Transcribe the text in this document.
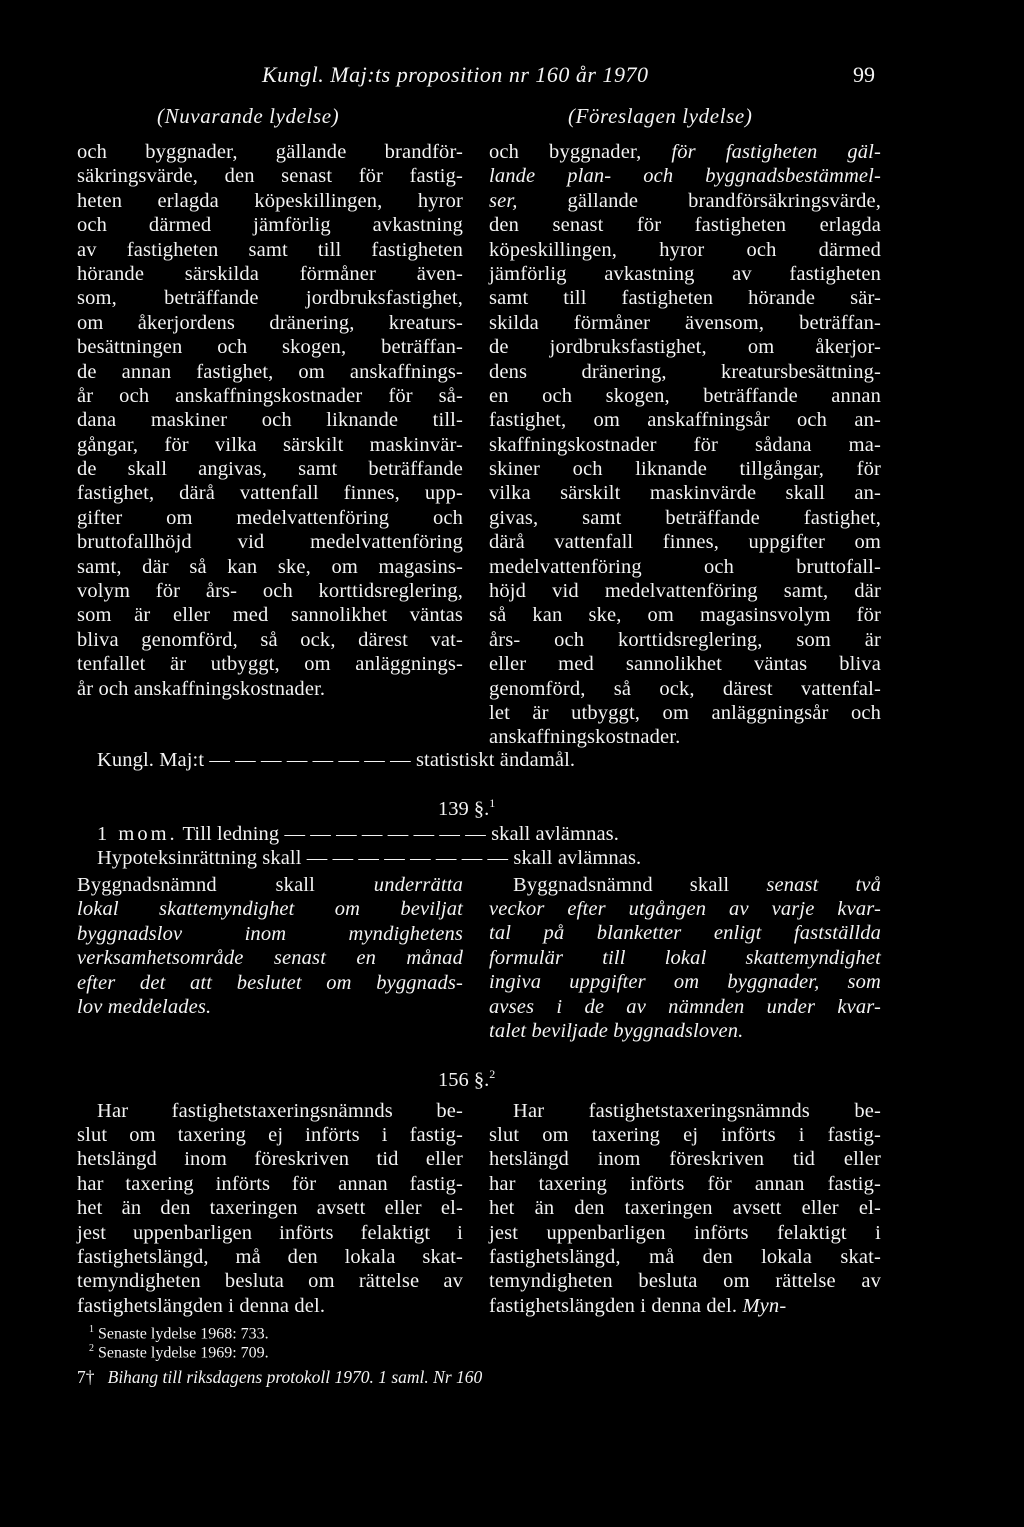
Kungl. Maj:ts proposition nr 160 år 1970	99
(Nuvarande lydelse)	(Föreslagen lydelse)
och byggnader, gällande brandför-
säkringsvärde, den senast för fastig-
heten erlagda köpeskillingen, hyror
och därmed jämförlig avkastning
av fastigheten samt till fastigheten
hörande särskilda förmåner även-
som, beträffande jordbruksfastighet,
om åkerjordens dränering, kreaturs-
besättningen och skogen, beträffan-
de annan fastighet, om anskaffnings-
år och anskaffningskostnader för så-
dana maskiner och liknande till-
gångar, för vilka särskilt maskinvär-
de skall angivas, samt beträffande
fastighet, därå vattenfall finnes, upp-
gifter om medelvattenföring och
bruttofallhöjd vid medelvattenföring
samt, där så kan ske, om magasins-
volym för års- och korttidsreglering,
som är eller med sannolikhet väntas
bliva genomförd, så ock, därest vat-
tenfallet är utbyggt, om anläggnings-
år och anskaffningskostnader.
och byggnader, för fastigheten gäl-
lande plan- och byggnadsbestämmel-
ser, gällande brandförsäkringsvärde,
den senast för fastigheten erlagda
köpeskillingen, hyror och därmed
jämförlig avkastning av fastigheten
samt till fastigheten hörande sär-
skilda förmåner ävensom, beträffan-
de jordbruksfastighet, om åkerjor-
dens dränering, kreatursbesättning-
en och skogen, beträffande annan
fastighet, om anskaffningsår och an-
skaffningskostnader för sådana ma-
skiner och liknande tillgångar, för
vilka särskilt maskinvärde skall an-
givas, samt beträffande fastighet,
därå vattenfall finnes, uppgifter om
medelvattenföring och bruttofall-
höjd vid medelvattenföring samt, där
så kan ske, om magasinsvolym för
års- och korttidsreglering, som är
eller med sannolikhet väntas bliva
genomförd, så ock, därest vattenfal-
let är utbyggt, om anläggningsår och
anskaffningskostnader.
Kungl. Maj:t — — — — — — — — statistiskt ändamål.
139 §.$^1$
1 mom. Till ledning — — — — — — — — skall avlämnas.
Hypoteksinrättning skall — — — — — — — — skall avlämnas.
Byggnadsnämnd skall underrätta
lokal skattemyndighet om beviljat
byggnadslov inom myndighetens
verksamhetsområde senast en månad
efter det att beslutet om byggnads-
lov meddelades.
Byggnadsnämnd skall senast två
veckor efter utgången av varje kvar-
tal på blanketter enligt fastställda
formulär till lokal skattemyndighet
ingiva uppgifter om byggnader, som
avses i de av nämnden under kvar-
talet beviljade byggnadsloven.
156 §.$^2$
Har fastighetstaxeringsnämnds be-
slut om taxering ej införts i fastig-
hetslängd inom föreskriven tid eller
har taxering införts för annan fastig-
het än den taxeringen avsett eller el-
jest uppenbarligen införts felaktigt i
fastighetslängd, må den lokala skat-
temyndigheten besluta om rättelse av
fastighetslängden i denna del.
Har fastighetstaxeringsnämnds be-
slut om taxering ej införts i fastig-
hetslängd inom föreskriven tid eller
har taxering införts för annan fastig-
het än den taxeringen avsett eller el-
jest uppenbarligen införts felaktigt i
fastighetslängd, må den lokala skat-
temyndigheten besluta om rättelse av
fastighetslängden i denna del. Myn-
$^1$ Senaste lydelse 1968: 733.
$^2$ Senaste lydelse 1969: 709.
7† Bihang till riksdagens protokoll 1970. 1 saml. Nr 160
